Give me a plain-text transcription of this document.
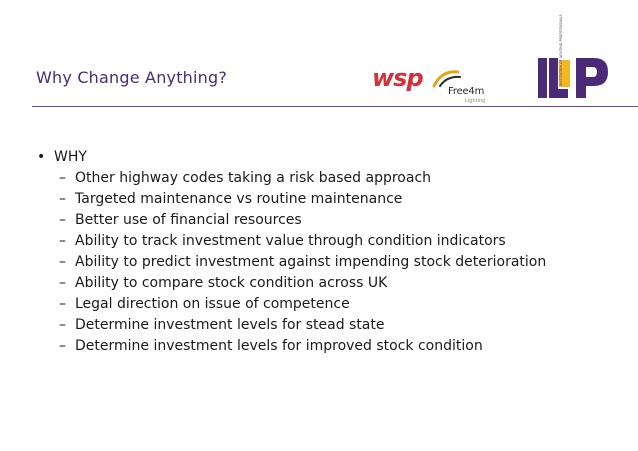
Why Change Anything?	wsp	Free4m
Lighting
INSTITUTION OF LIGHTING PROFESSIONALS
• WHY
– Other highway codes taking a risk based approach
– Targeted maintenance vs routine maintenance
– Better use of financial resources
– Ability to track investment value through condition indicators
– Ability to predict investment against impending stock deterioration
– Ability to compare stock condition across UK
– Legal direction on issue of competence
– Determine investment levels for stead state
– Determine investment levels for improved stock condition
